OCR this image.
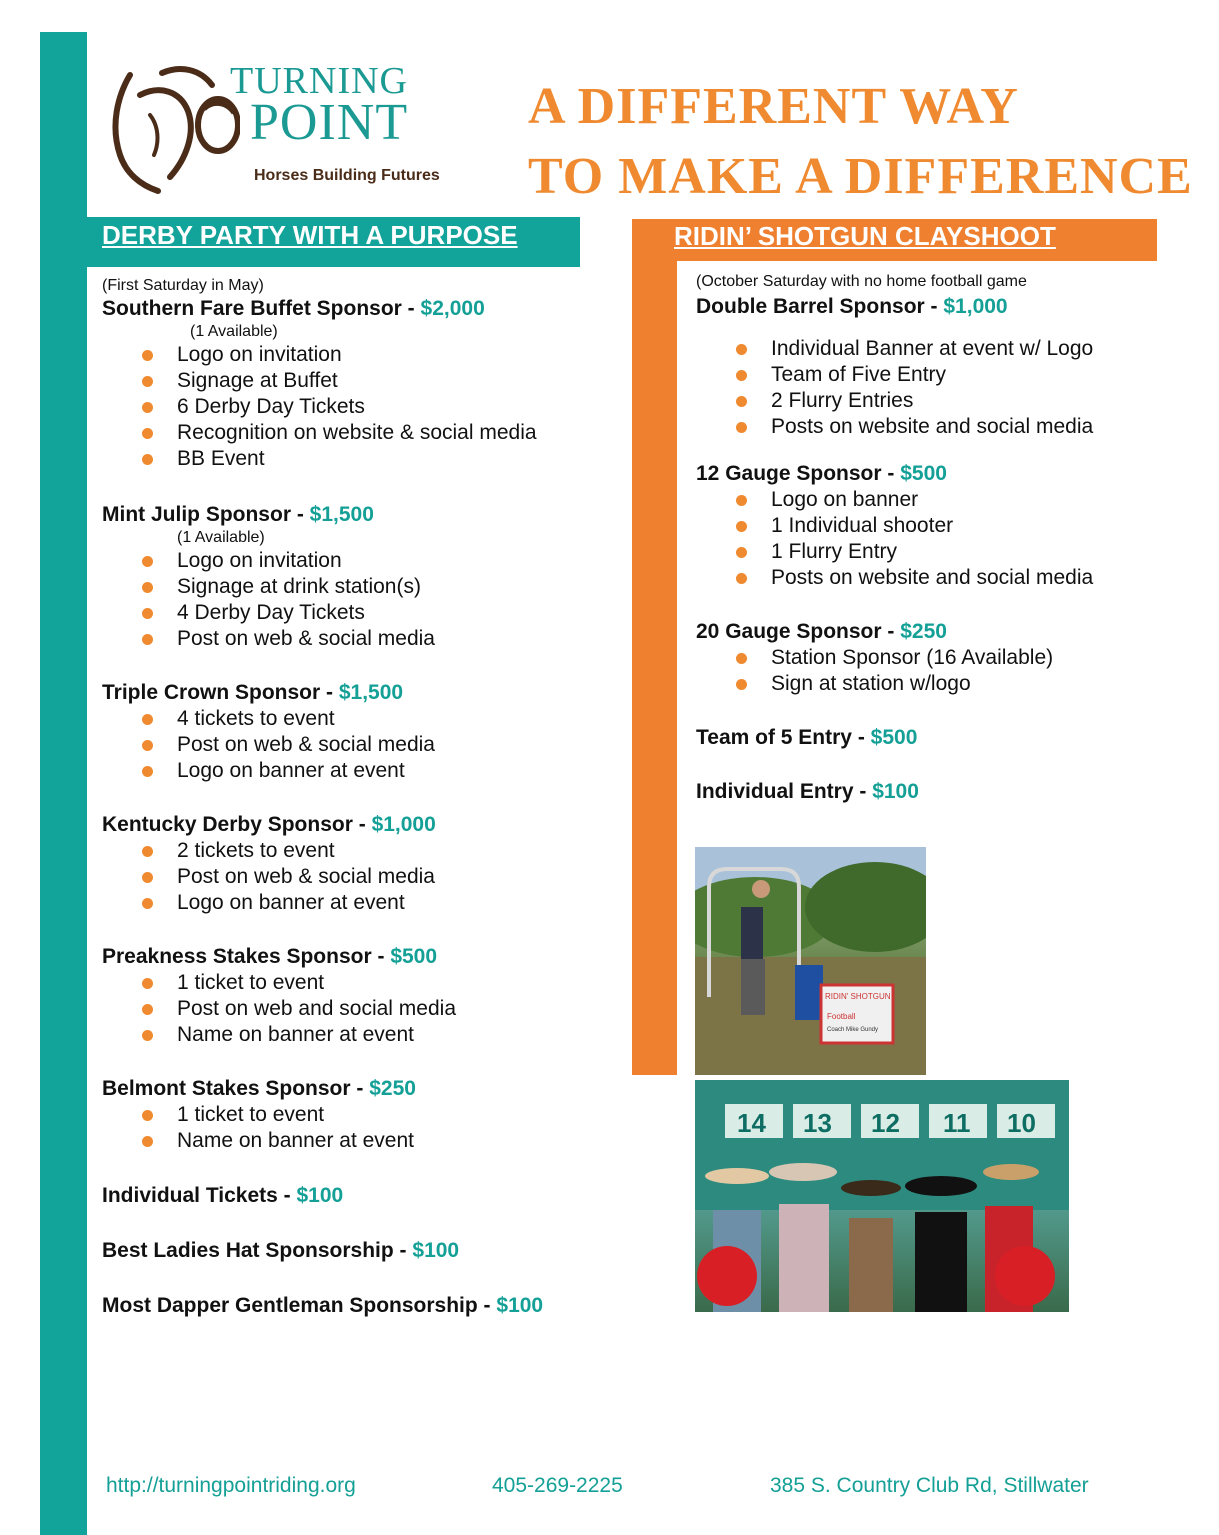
TURNING
POINT
Horses Building Futures
A DIFFERENT WAY
TO MAKE A DIFFERENCE
DERBY PARTY WITH A PURPOSE	RIDIN’ SHOTGUN CLAYSHOOT
(First Saturday in May)
Southern Fare Buffet Sponsor - $2,000
(1 Available)
Logo on invitation
Signage at Buffet
6 Derby Day Tickets
Recognition on website & social media
BB Event
Mint Julip Sponsor - $1,500
(1 Available)
Logo on invitation
Signage at drink station(s)
4 Derby Day Tickets
Post on web & social media
Triple Crown Sponsor - $1,500
4 tickets to event
Post on web & social media
Logo on banner at event
Kentucky Derby Sponsor - $1,000
2 tickets to event
Post on web & social media
Logo on banner at event
Preakness Stakes Sponsor - $500
1 ticket to event
Post on web and social media
Name on banner at event
Belmont Stakes Sponsor - $250
1 ticket to event
Name on banner at event
Individual Tickets - $100
Best Ladies Hat Sponsorship - $100
Most Dapper Gentleman Sponsorship - $100
(October Saturday with no home football game
Double Barrel Sponsor - $1,000
Individual Banner at event w/ Logo
Team of Five Entry
2 Flurry Entries
Posts on website and social media
12 Gauge Sponsor - $500
Logo on banner
1 Individual shooter
1 Flurry Entry
Posts on website and social media
20 Gauge Sponsor - $250
Station Sponsor (16 Available)
Sign at station w/logo
Team of 5 Entry - $500
Individual Entry - $100
RIDIN' SHOTGUN
Football
Coach Mike Gundy
14 13 12 11 10
http://turningpointriding.org	405-269-2225	385 S. Country Club Rd, Stillwater
